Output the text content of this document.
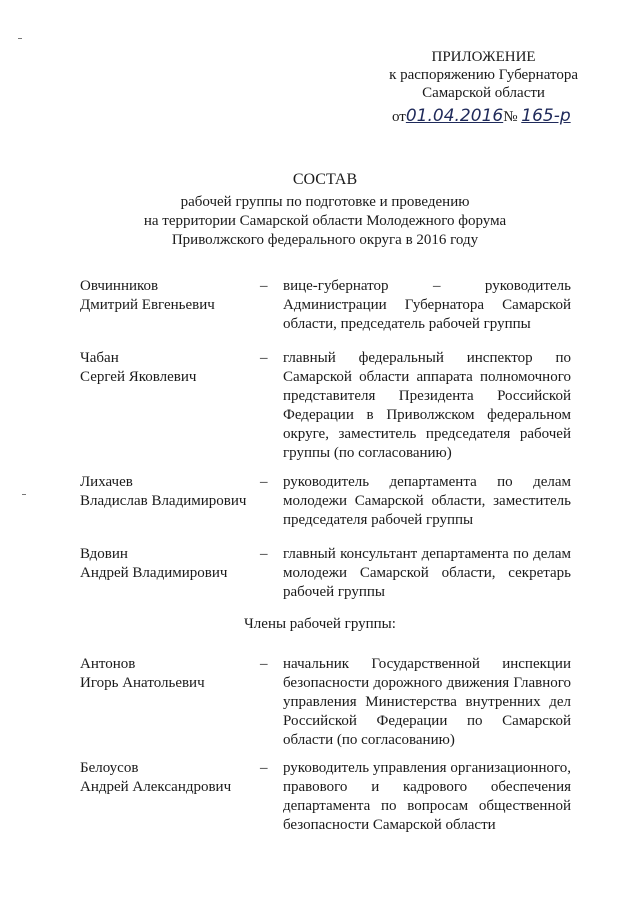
ПРИЛОЖЕНИЕ
к распоряжению Губернатора
Самарской области
от01.04.2016№ 165-р
СОСТАВ
рабочей группы по подготовке и проведению
на территории Самарской области Молодежного форума
Приволжского федерального округа в 2016 году
Овчинников
Дмитрий Евгеньевич
– вице-губернатор – руководитель Администрации Губернатора Самарской области, председатель рабочей группы
Чабан
Сергей Яковлевич
– главный федеральный инспектор по Самарской области аппарата полномочного представителя Президента Российской Федерации в Приволжском федеральном округе, заместитель председателя рабочей группы (по согласованию)
Лихачев
Владислав Владимирович
– руководитель департамента по делам молодежи Самарской области, заместитель председателя рабочей группы
Вдовин
Андрей Владимирович
– главный консультант департамента по делам молодежи Самарской области, секретарь рабочей группы
Члены рабочей группы:
Антонов
Игорь Анатольевич
– начальник Государственной инспекции безопасности дорожного движения Главного управления Министерства внутренних дел Российской Федерации по Самарской области (по согласованию)
Белоусов
Андрей Александрович
– руководитель управления организационного, правового и кадрового обеспечения департамента по вопросам общественной безопасности Самарской области
